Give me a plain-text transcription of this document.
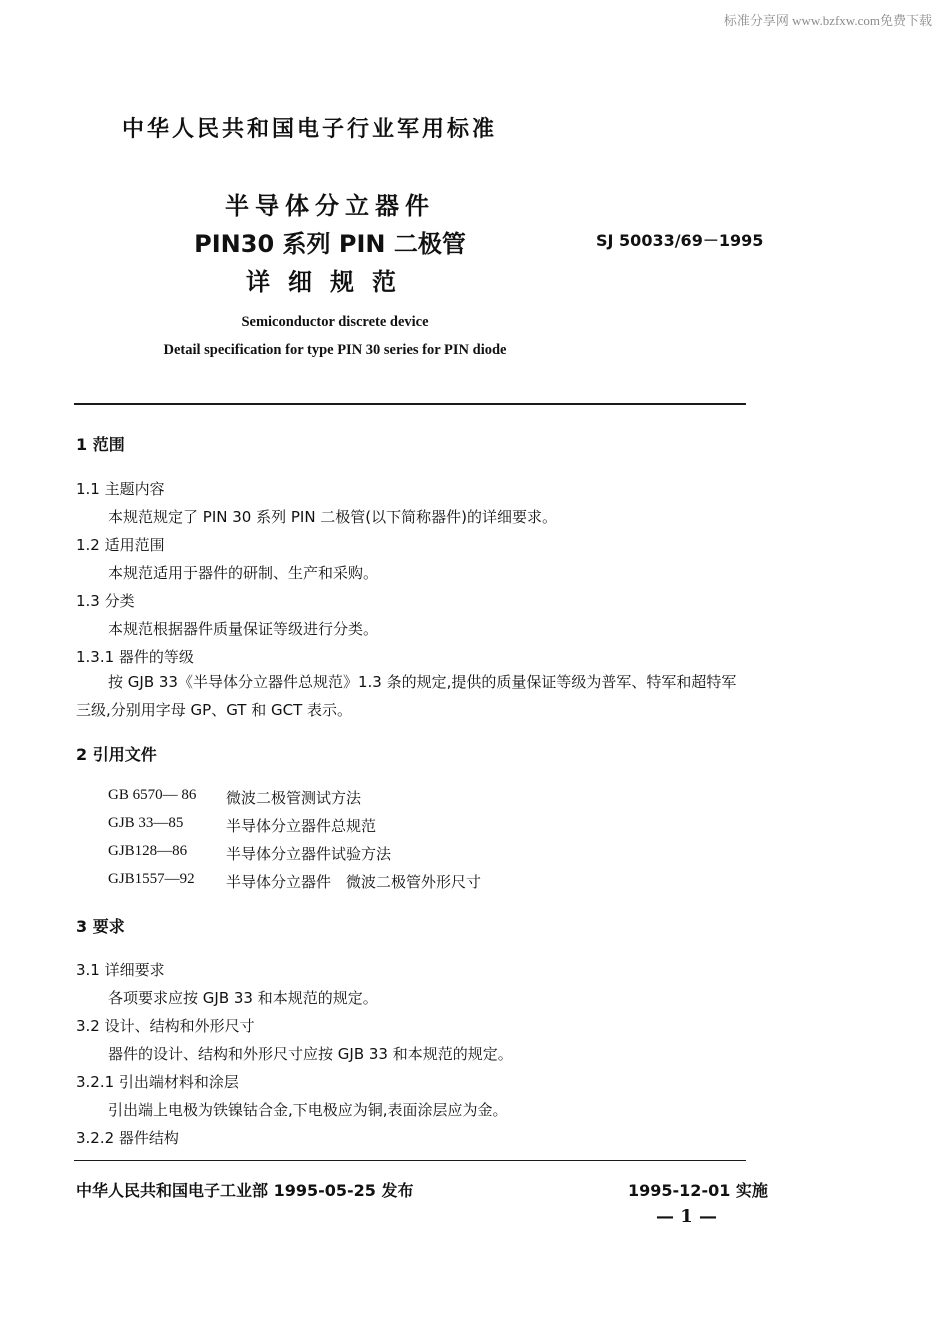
标准分享网 www.bzfxw.com免费下载
中华人民共和国电子行业军用标准
半导体分立器件
PIN30 系列 PIN 二极管
详细规范
SJ 50033/69－1995
Semiconductor discrete device
Detail specification for type PIN 30 series for PIN diode
1 范围
1.1 主题内容
本规范规定了 PIN 30 系列 PIN 二极管(以下简称器件)的详细要求。
1.2 适用范围
本规范适用于器件的研制、生产和采购。
1.3 分类
本规范根据器件质量保证等级进行分类。
1.3.1 器件的等级
按 GJB 33《半导体分立器件总规范》1.3 条的规定,提供的质量保证等级为普军、特军和超特军三级,分别用字母 GP、GT 和 GCT 表示。
2 引用文件
GB 6570— 86 微波二极管测试方法
GJB 33—85	半导体分立器件总规范
GJB128—86	半导体分立器件试验方法
GJB1557—92 半导体分立器件　微波二极管外形尺寸
3 要求
3.1 详细要求
各项要求应按 GJB 33 和本规范的规定。
3.2 设计、结构和外形尺寸
器件的设计、结构和外形尺寸应按 GJB 33 和本规范的规定。
3.2.1 引出端材料和涂层
引出端上电极为铁镍钴合金,下电极应为铜,表面涂层应为金。
3.2.2 器件结构
中华人民共和国电子工业部 1995-05-25 发布	1995-12-01 实施
— 1 —
